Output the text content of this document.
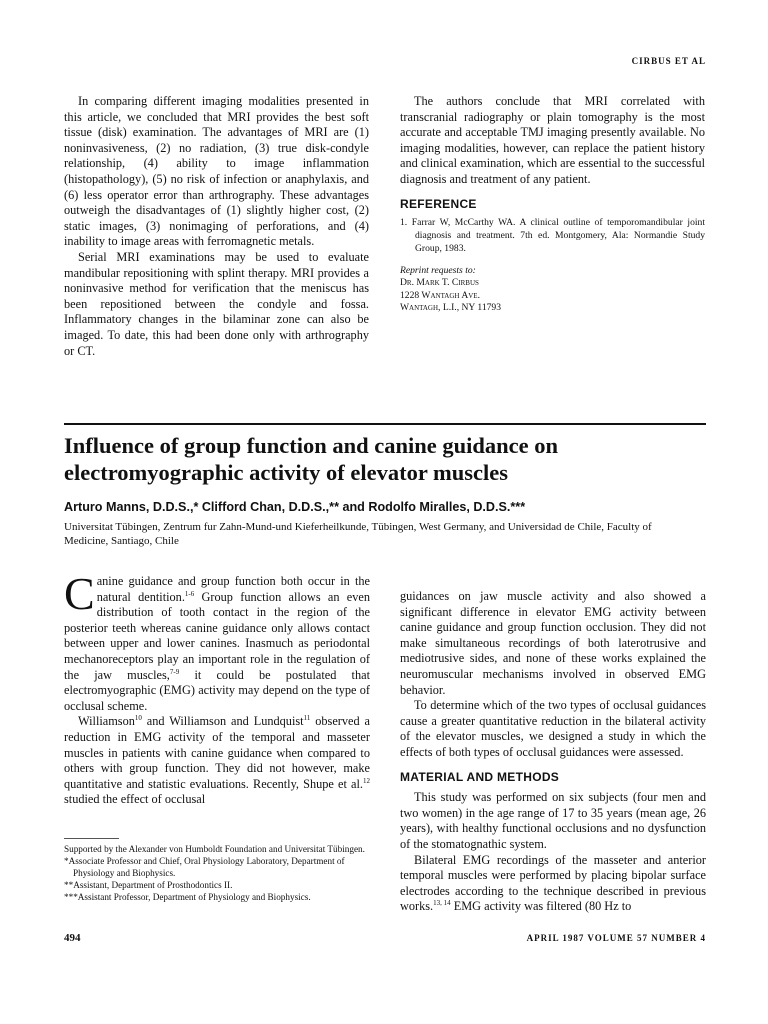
CIRBUS ET AL

In comparing different imaging modalities presented in this article, we concluded that MRI provides the best soft tissue (disk) examination. The advantages of MRI are (1) noninvasiveness, (2) no radiation, (3) true disk-condyle relationship, (4) ability to image inflammation (histopathology), (5) no risk of infection or anaphylaxis, and (6) less operator error than arthrography. These advantages outweigh the disadvantages of (1) slightly higher cost, (2) static images, (3) nonimaging of perforations, and (4) inability to image areas with ferromagnetic metals.

Serial MRI examinations may be used to evaluate mandibular repositioning with splint therapy. MRI provides a noninvasive method for verification that the meniscus has been repositioned between the condyle and fossa. Inflammatory changes in the bilaminar zone can also be imaged. To date, this had been done only with arthrography or CT.

The authors conclude that MRI correlated with transcranial radiography or plain tomography is the most accurate and acceptable TMJ imaging presently available. No imaging modalities, however, can replace the patient history and clinical examination, which are essential to the successful diagnosis and treatment of any patient.

REFERENCE
1. Farrar W, McCarthy WA. A clinical outline of temporomandibular joint diagnosis and treatment. 7th ed. Montgomery, Ala: Normandie Study Group, 1983.
Reprint requests to:
Dr. Mark T. Cirbus
1228 Wantagh Ave.
Wantagh, L.I., NY 11793
Influence of group function and canine guidance on electromyographic activity of elevator muscles
Arturo Manns, D.D.S.,* Clifford Chan, D.D.S.,** and Rodolfo Miralles, D.D.S.***
Universitat Tübingen, Zentrum fur Zahn-Mund-und Kieferheilkunde, Tübingen, West Germany, and Universidad de Chile, Faculty of Medicine, Santiago, Chile

Canine guidance and group function both occur in the natural dentition.$^{1-6}$ Group function allows an even distribution of tooth contact in the region of the posterior teeth whereas canine guidance only allows contact between upper and lower canines. Inasmuch as periodontal mechanoreceptors play an important role in the regulation of the jaw muscles,$^{7-9}$ it could be postulated that electromyographic (EMG) activity may depend on the type of occlusal scheme.

Williamson$^{10}$ and Williamson and Lundquist$^{11}$ observed a reduction in EMG activity of the temporal and masseter muscles in patients with canine guidance when compared to others with group function. They did not however, make quantitative and statistic evaluations. Recently, Shupe et al.$^{12}$ studied the effect of occlusal

guidances on jaw muscle activity and also showed a significant difference in elevator EMG activity between canine guidance and group function occlusion. They did not make simultaneous recordings of both laterotrusive and mediotrusive sides, and none of these works explained the neuromuscular mechanisms involved in observed EMG behavior.

To determine which of the two types of occlusal guidances cause a greater quantitative reduction in the bilateral activity of the elevator muscles, we designed a study in which the effects of both types of occlusal guidances were assessed.

MATERIAL AND METHODS

This study was performed on six subjects (four men and two women) in the age range of 17 to 35 years (mean age, 26 years), with healthy functional occlusions and no dysfunction of the stomatognathic system.

Bilateral EMG recordings of the masseter and anterior temporal muscles were performed by placing bipolar surface electrodes according to the technique described in previous works.$^{13, 14}$ EMG activity was filtered (80 Hz to

Supported by the Alexander von Humboldt Foundation and Universitat Tübingen.
*Associate Professor and Chief, Oral Physiology Laboratory, Department of Physiology and Biophysics.
**Assistant, Department of Prosthodontics II.
***Assistant Professor, Department of Physiology and Biophysics.
494	APRIL 1987 VOLUME 57 NUMBER 4
